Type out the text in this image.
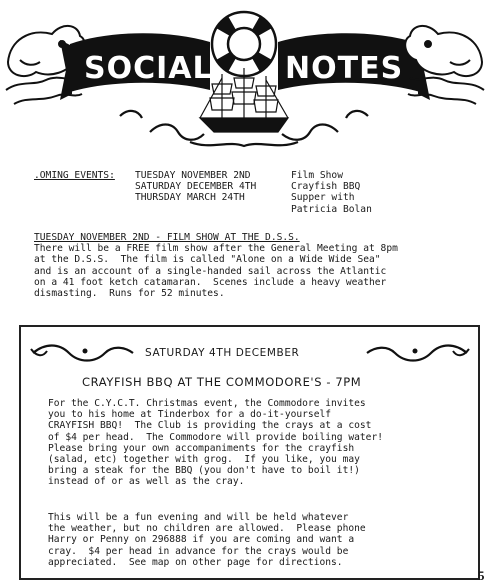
SOCIAL NOTES
.OMING EVENTS: TUESDAY NOVEMBER 2ND
SATURDAY DECEMBER 4TH
THURSDAY MARCH 24TH
Film Show
Crayfish BBQ
Supper with
Patricia Bolan
TUESDAY NOVEMBER 2ND - FILM SHOW AT THE D.S.S.
There will be a FREE film show after the General Meeting at 8pm
at the D.S.S.  The film is called "Alone on a Wide Wide Sea"
and is an account of a single-handed sail across the Atlantic
on a 41 foot ketch catamaran.  Scenes include a heavy weather
dismasting.  Runs for 52 minutes.
SATURDAY 4TH DECEMBER
CRAYFISH BBQ AT THE COMMODORE'S - 7PM
For the C.Y.C.T. Christmas event, the Commodore invites
you to his home at Tinderbox for a do-it-yourself
CRAYFISH BBQ!  The Club is providing the crays at a cost
of $4 per head.  The Commodore will provide boiling water!
Please bring your own accompaniments for the crayfish
(salad, etc) together with grog.  If you like, you may
bring a steak for the BBQ (you don't have to boil it!)
instead of or as well as the cray.
This will be a fun evening and will be held whatever
the weather, but no children are allowed.  Please phone
Harry or Penny on 296888 if you are coming and want a
cray.  $4 per head in advance for the crays would be
appreciated.  See map on other page for directions.
5
